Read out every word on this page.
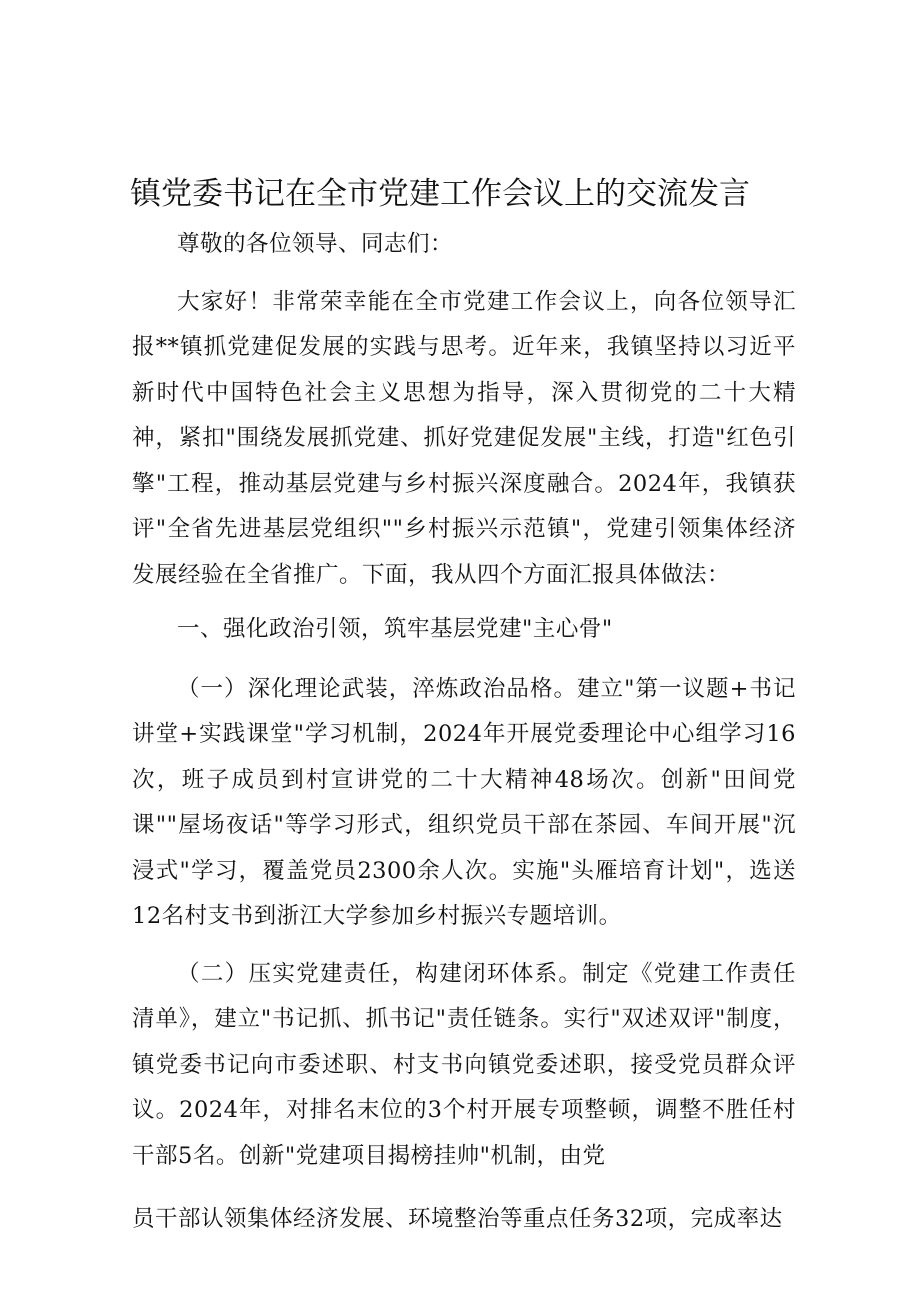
镇党委书记在全市党建工作会议上的交流发言

尊敬的各位领导、同志们：

大家好！非常荣幸能在全市党建工作会议上，向各位领导汇报**镇抓党建促发展的实践与思考。近年来，我镇坚持以习近平新时代中国特色社会主义思想为指导，深入贯彻党的二十大精神，紧扣"围绕发展抓党建、抓好党建促发展"主线，打造"红色引擎"工程，推动基层党建与乡村振兴深度融合。2024年，我镇获评"全省先进基层党组织""乡村振兴示范镇"，党建引领集体经济发展经验在全省推广。下面，我从四个方面汇报具体做法：

一、强化政治引领，筑牢基层党建"主心骨"

（一）深化理论武装，淬炼政治品格。建立"第一议题+书记讲堂+实践课堂"学习机制，2024年开展党委理论中心组学习16次，班子成员到村宣讲党的二十大精神48场次。创新"田间党课""屋场夜话"等学习形式，组织党员干部在茶园、车间开展"沉浸式"学习，覆盖党员2300余人次。实施"头雁培育计划"，选送12名村支书到浙江大学参加乡村振兴专题培训。

（二）压实党建责任，构建闭环体系。制定《党建工作责任清单》，建立"书记抓、抓书记"责任链条。实行"双述双评"制度，镇党委书记向市委述职、村支书向镇党委述职，接受党员群众评议。2024年，对排名末位的3个村开展专项整顿，调整不胜任村干部5名。创新"党建项目揭榜挂帅"机制，由党

员干部认领集体经济发展、环境整治等重点任务32项，完成率达
